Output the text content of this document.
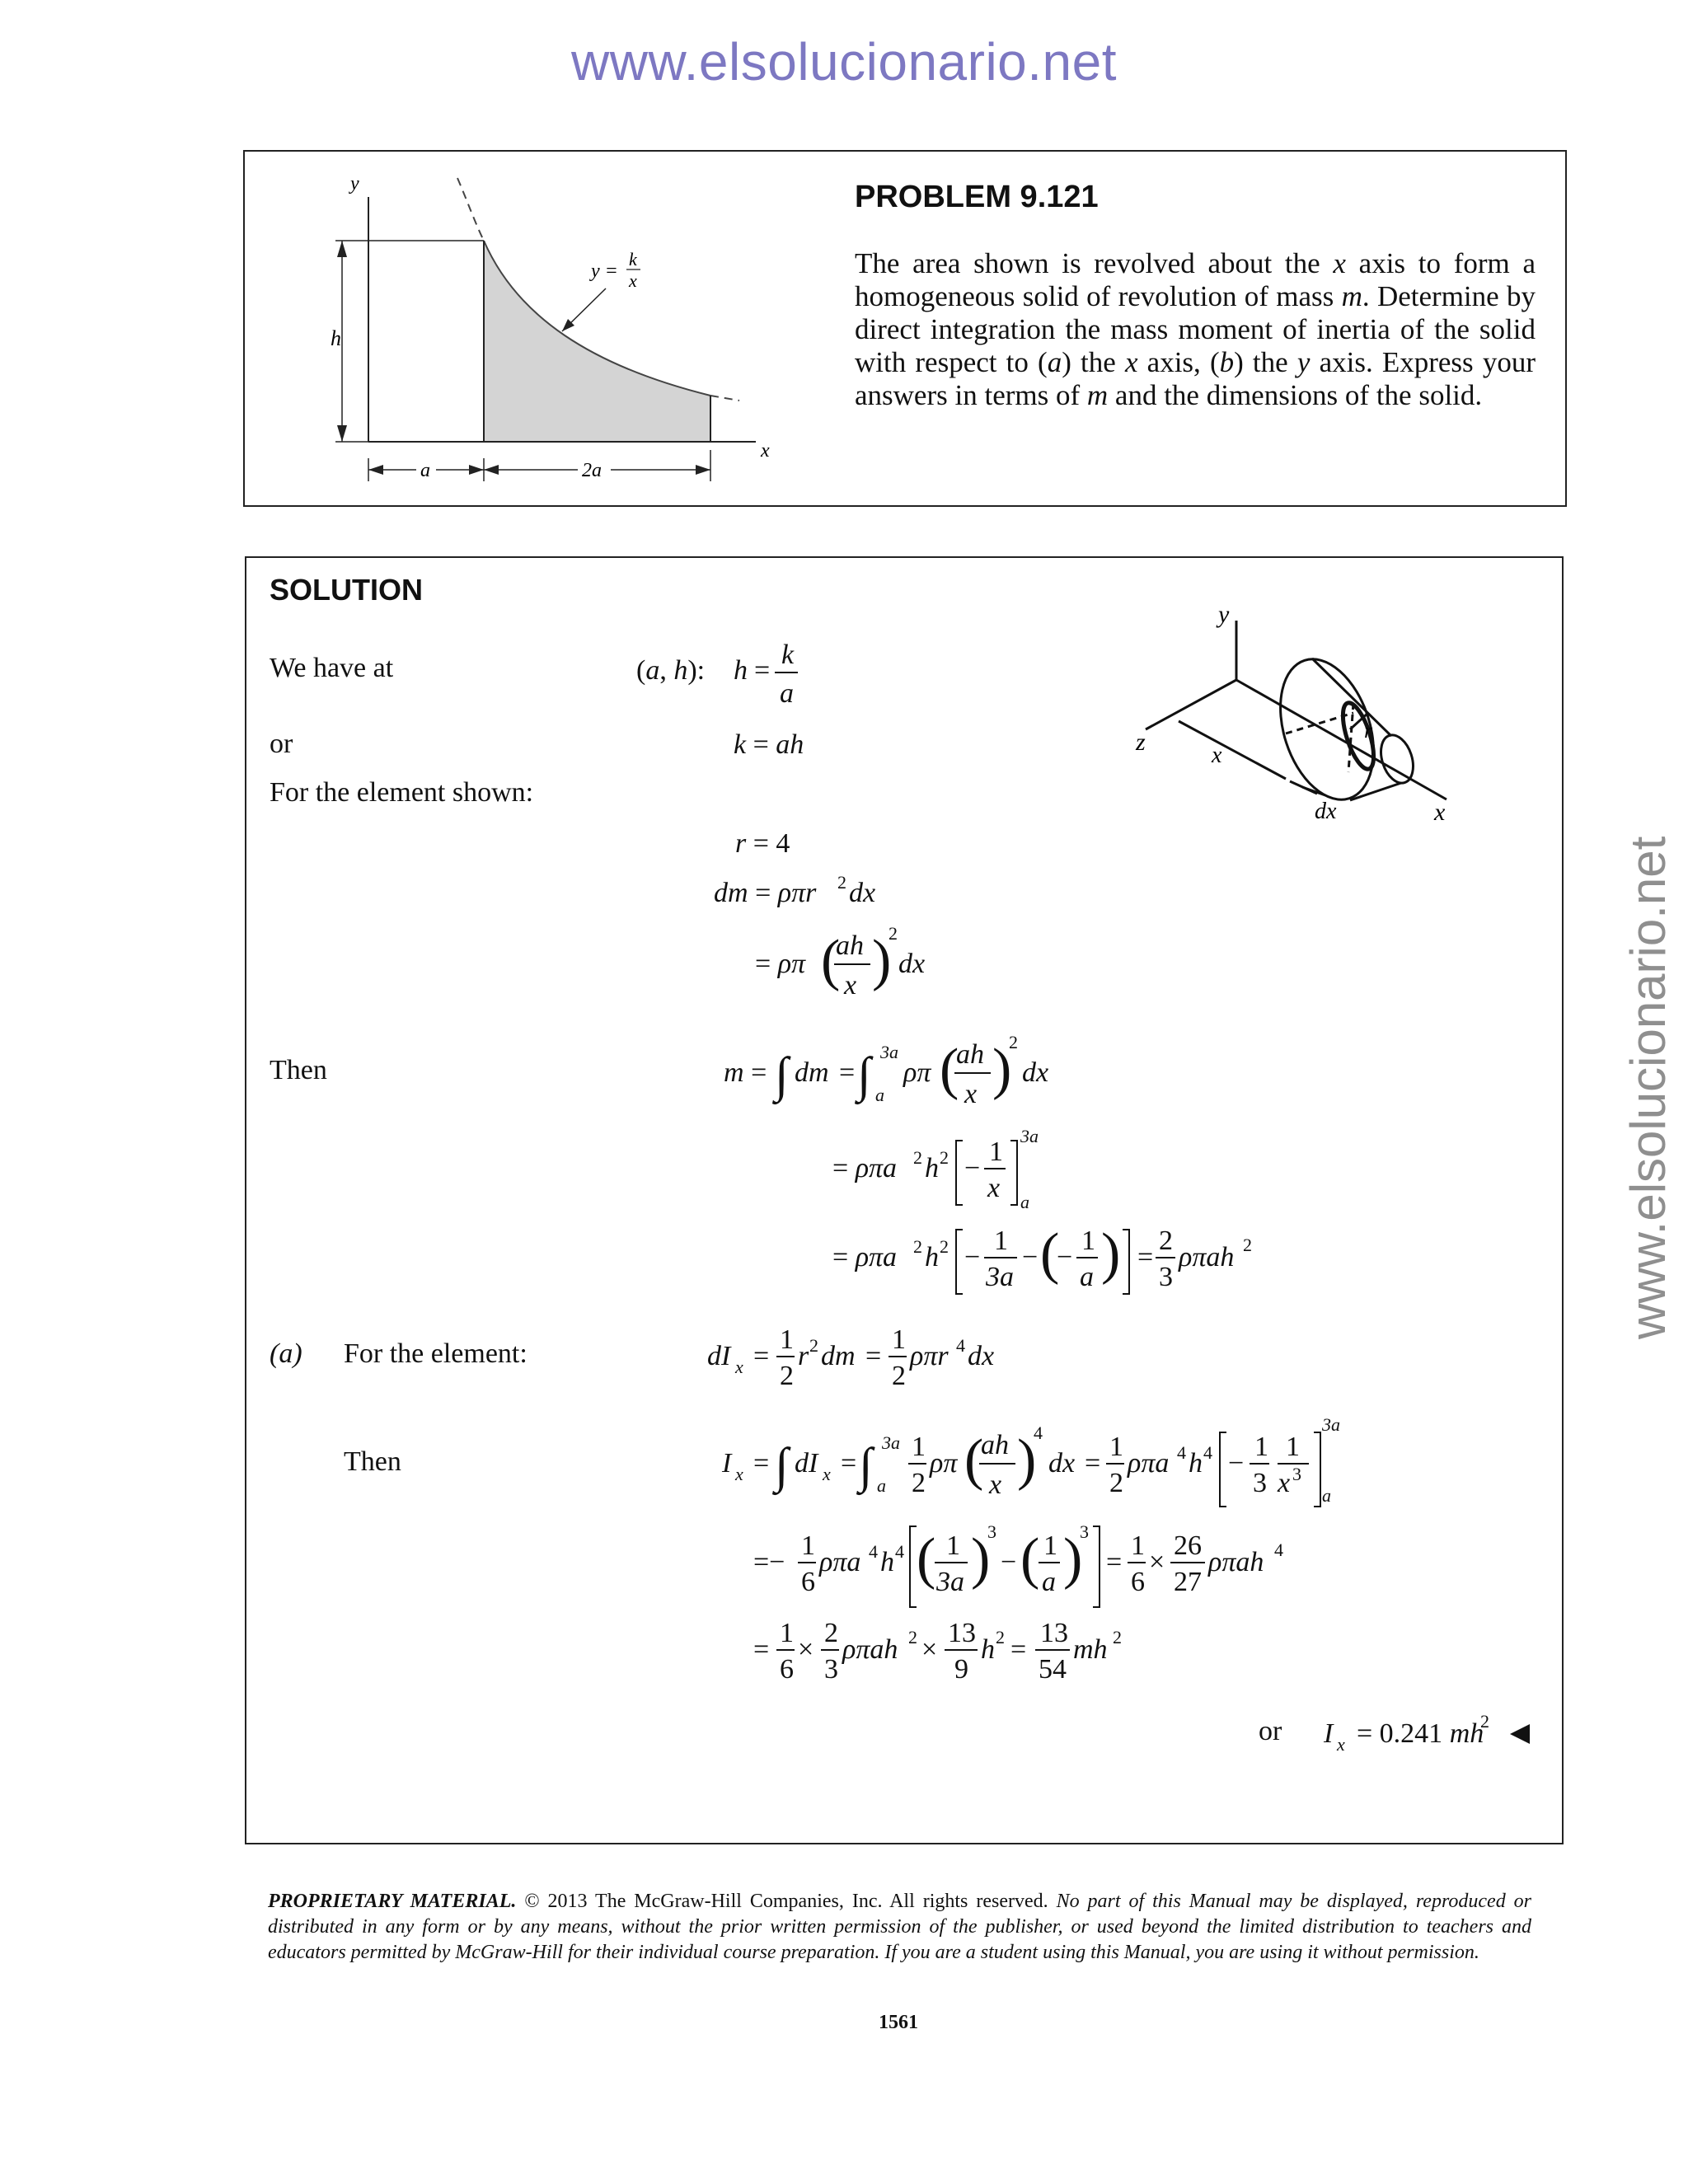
www.elsolucionario.net
www.elsolucionario.net
h
a	2a
y
x
y =
k
x
PROBLEM 9.121
The area shown is revolved about the x axis to form a homogeneous solid of revolution of mass m. Determine by direct integration the mass moment of inertia of the solid with respect to (a) the x axis, (b) the y axis. Express your answers in terms of m and the dimensions of the solid.
SOLUTION
We have at
or
For the element shown:
Then
(a) For the element:
Then
or
y
z	x
dx	x
r
(a, h): h =
k
a
k = ah
r = 4
dm = ρπr 2 dx
= ρπ (
ah
x )
2
dx
m = ∫ dm = ∫ 3a
a
ρπ (
ah
x )
2
dx
= ρπa 2 h 2 −
1
x
3a
a
= ρπa 2 h 2 −
1
3a
− (
−
1
a ) =
2
3
ρπah 2
dI x =
1
2
r 2 dm =
1
2
ρπr 4 dx
I x = ∫ dI x = ∫ 3a
a
1
2
ρπ (
ah
x )
4
dx =
1
2
ρπa 4 h 4 −
1
3
1
x 3
3a
a
=−
1
6
ρπa 4 h 4 ( 1
3a )
3
− ( 1
a )
3
=
1
6
×
26
27
ρπah 4
=
1
6
×
2
3
ρπah 2 ×
13
9
h 2 =
13
54
mh 2
I x = 0.241 mh
2
PROPRIETARY MATERIAL. © 2013 The McGraw-Hill Companies, Inc. All rights reserved. No part of this Manual may be displayed, reproduced or distributed in any form or by any means, without the prior written permission of the publisher, or used beyond the limited distribution to teachers and educators permitted by McGraw-Hill for their individual course preparation. If you are a student using this Manual, you are using it without permission.
1561
